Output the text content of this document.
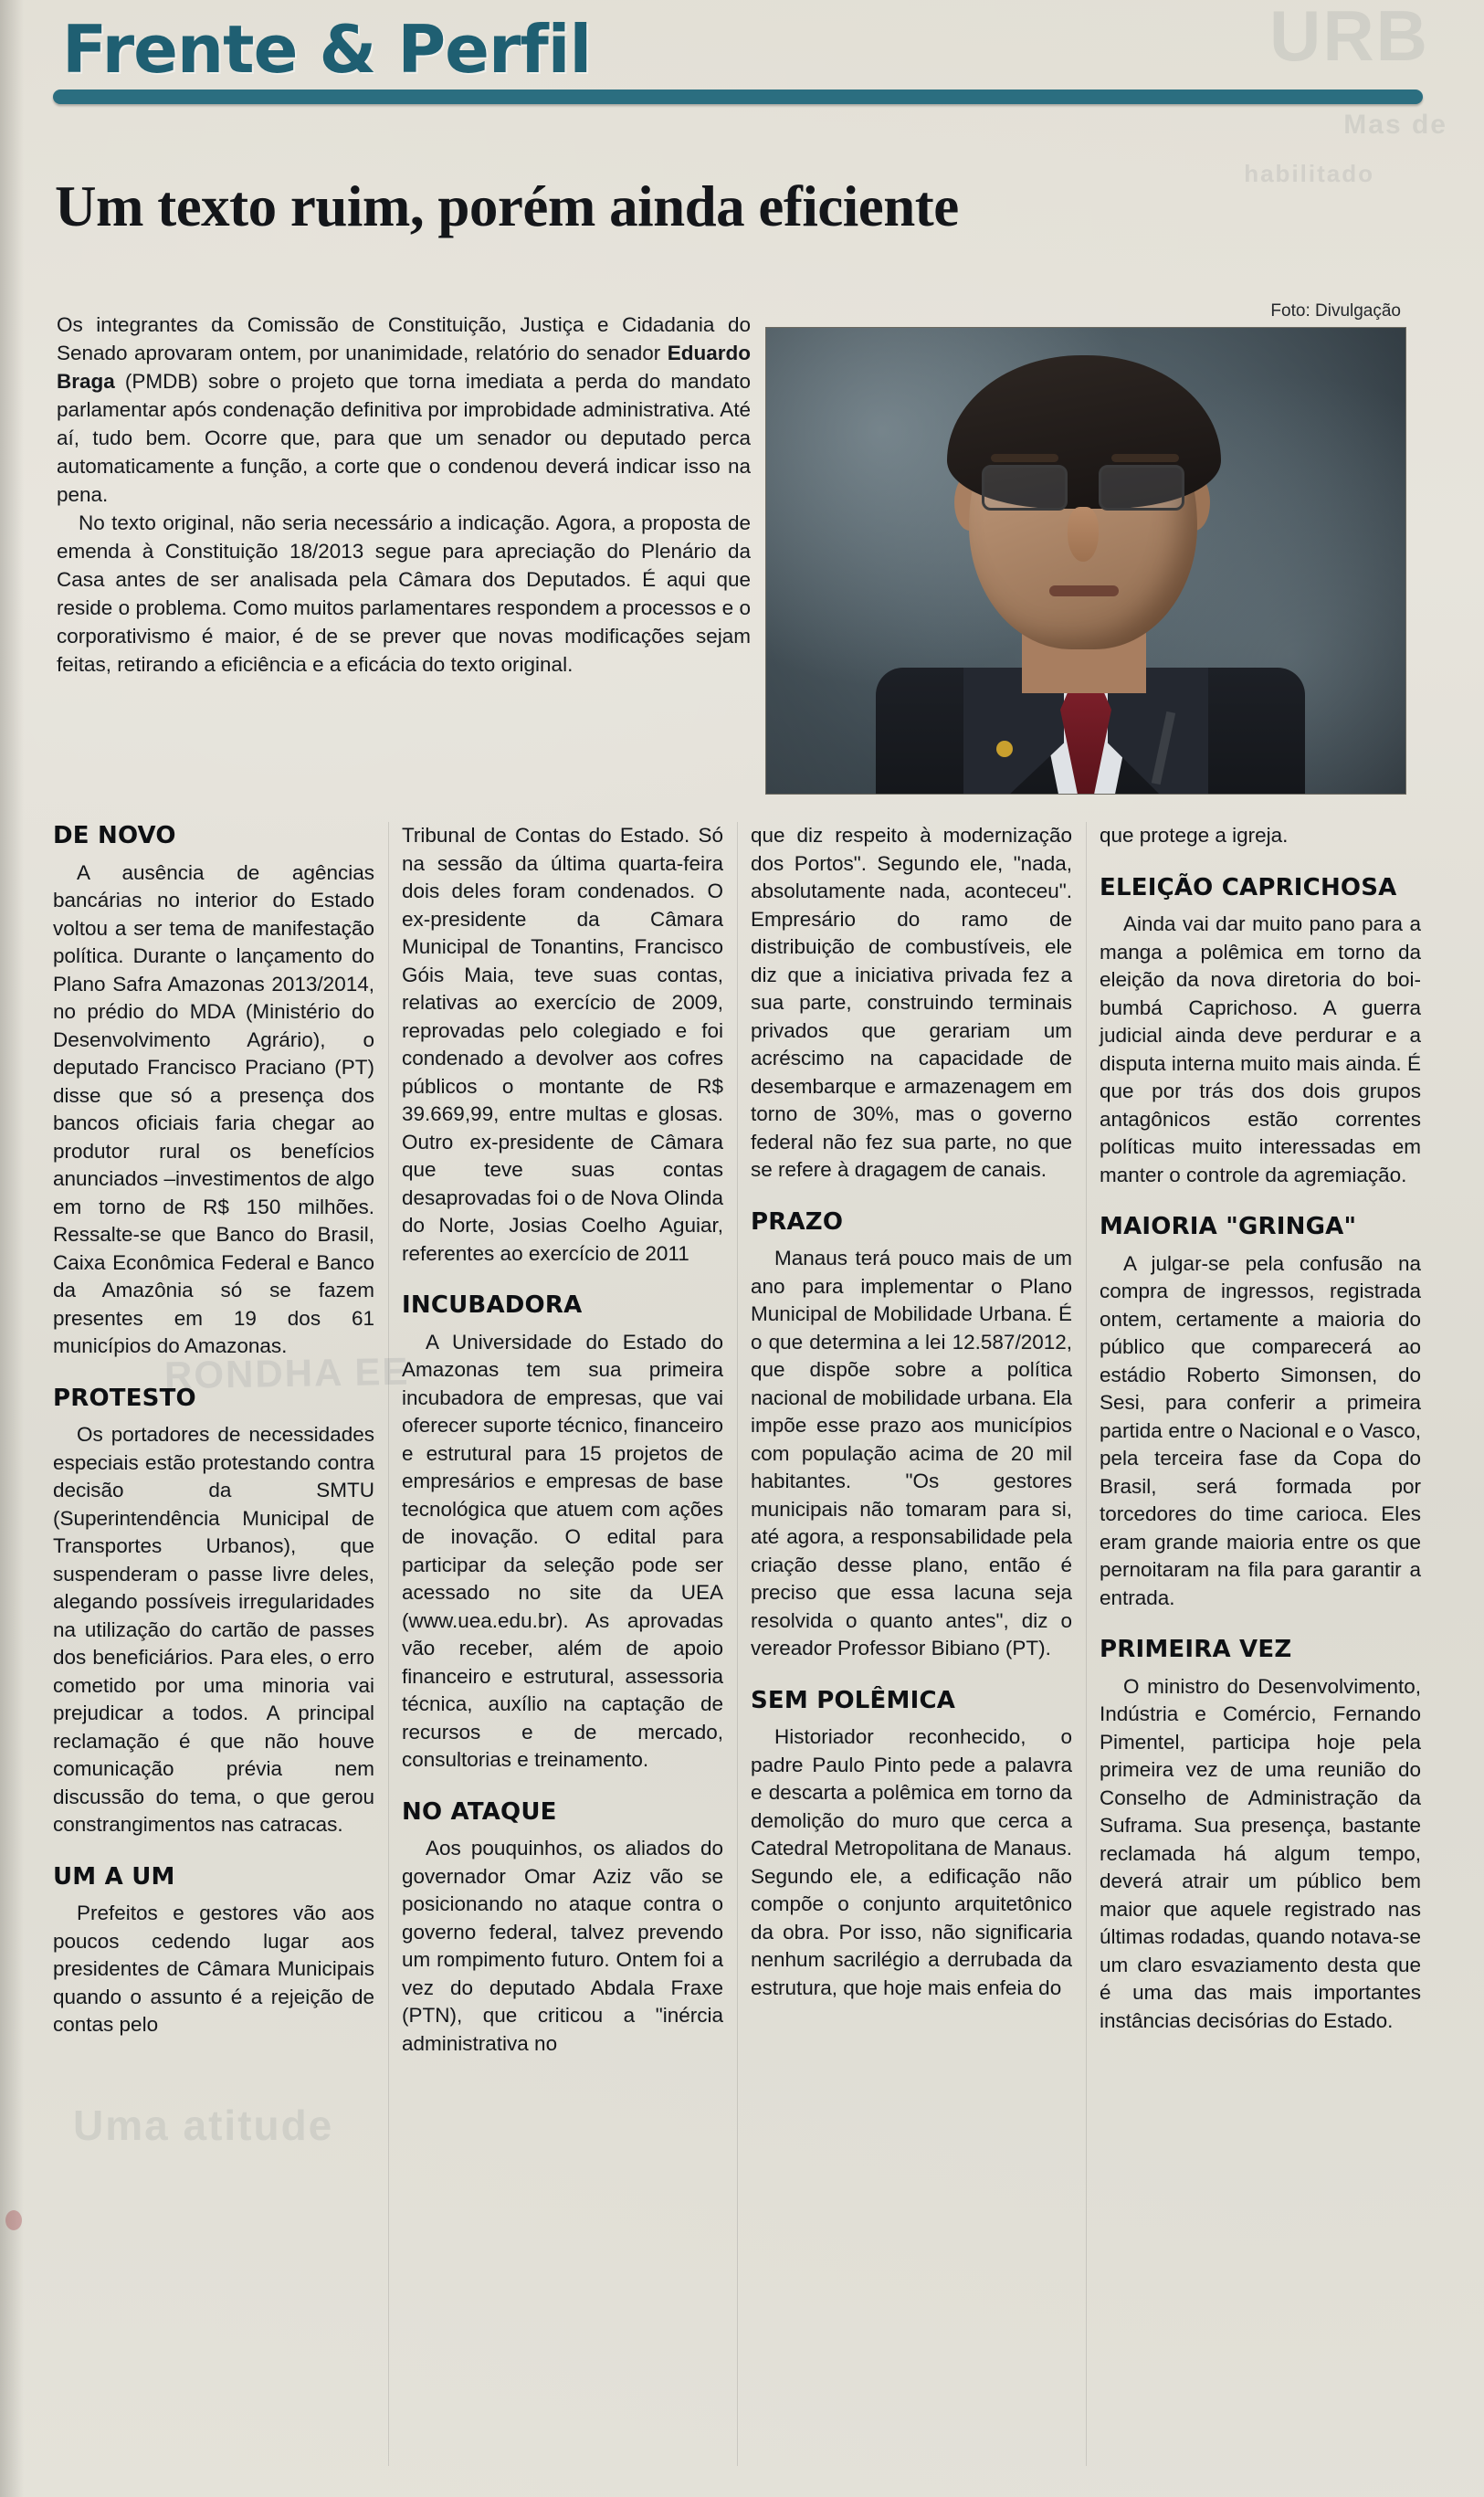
URB
Mas de
habilitado
RONDHA EE
Uma atitude
Frente & Perfil
Um texto ruim, porém ainda eficiente

Os integrantes da Comissão de Constituição, Justiça e Cidadania do Senado aprovaram ontem, por unanimidade, relatório do senador Eduardo Braga (PMDB) sobre o projeto que torna imediata a perda do mandato parlamentar após condenação definitiva por improbidade administrativa. Até aí, tudo bem. Ocorre que, para que um senador ou deputado perca automaticamente a função, a corte que o condenou deverá indicar isso na pena.

No texto original, não seria necessário a indicação. Agora, a proposta de emenda à Constituição 18/2013 segue para apreciação do Plenário da Casa antes de ser analisada pela Câmara dos Deputados. É aqui que reside o problema. Como muitos parlamentares respondem a processos e o corporativismo é maior, é de se prever que novas modificações sejam feitas, retirando a eficiência e a eficácia do texto original.

Foto: Divulgação
DE NOVO

A ausência de agências bancárias no interior do Estado voltou a ser tema de manifestação política. Durante o lançamento do Plano Safra Amazonas 2013/2014, no prédio do MDA (Ministério do Desenvolvimento Agrário), o deputado Francisco Praciano (PT) disse que só a presença dos bancos oficiais faria chegar ao produtor rural os benefícios anunciados –investimentos de algo em torno de R$ 150 milhões. Ressalte-se que Banco do Brasil, Caixa Econômica Federal e Banco da Amazônia só se fazem presentes em 19 dos 61 municípios do Amazonas.

PROTESTO

Os portadores de necessidades especiais estão protestando contra decisão da SMTU (Superintendência Municipal de Transportes Urbanos), que suspenderam o passe livre deles, alegando possíveis irregularidades na utilização do cartão de passes dos beneficiários. Para eles, o erro cometido por uma minoria vai prejudicar a todos. A principal reclamação é que não houve comunicação prévia nem discussão do tema, o que gerou constrangimentos nas catracas.

UM A UM

Prefeitos e gestores vão aos poucos cedendo lugar aos presidentes de Câmara Municipais quando o assunto é a rejeição de contas pelo

Tribunal de Contas do Estado. Só na sessão da última quarta-feira dois deles foram condenados. O ex-presidente da Câmara Municipal de Tonantins, Francisco Góis Maia, teve suas contas, relativas ao exercício de 2009, reprovadas pelo colegiado e foi condenado a devolver aos cofres públicos o montante de R$ 39.669,99, entre multas e glosas. Outro ex-presidente de Câmara que teve suas contas desaprovadas foi o de Nova Olinda do Norte, Josias Coelho Aguiar, referentes ao exercício de 2011

INCUBADORA

A Universidade do Estado do Amazonas tem sua primeira incubadora de empresas, que vai oferecer suporte técnico, financeiro e estrutural para 15 projetos de empresários e empresas de base tecnológica que atuem com ações de inovação. O edital para participar da seleção pode ser acessado no site da UEA (www.uea.edu.br). As aprovadas vão receber, além de apoio financeiro e estrutural, assessoria técnica, auxílio na captação de recursos e de mercado, consultorias e treinamento.

NO ATAQUE

Aos pouquinhos, os aliados do governador Omar Aziz vão se posicionando no ataque contra o governo federal, talvez prevendo um rompimento futuro. Ontem foi a vez do deputado Abdala Fraxe (PTN), que criticou a "inércia administrativa no

que diz respeito à modernização dos Portos". Segundo ele, "nada, absolutamente nada, aconteceu". Empresário do ramo de distribuição de combustíveis, ele diz que a iniciativa privada fez a sua parte, construindo terminais privados que gerariam um acréscimo na capacidade de desembarque e armazenagem em torno de 30%, mas o governo federal não fez sua parte, no que se refere à dragagem de canais.

PRAZO

Manaus terá pouco mais de um ano para implementar o Plano Municipal de Mobilidade Urbana. É o que determina a lei 12.587/2012, que dispõe sobre a política nacional de mobilidade urbana. Ela impõe esse prazo aos municípios com população acima de 20 mil habitantes. "Os gestores municipais não tomaram para si, até agora, a responsabilidade pela criação desse plano, então é preciso que essa lacuna seja resolvida o quanto antes", diz o vereador Professor Bibiano (PT).

SEM POLÊMICA

Historiador reconhecido, o padre Paulo Pinto pede a palavra e descarta a polêmica em torno da demolição do muro que cerca a Catedral Metropolitana de Manaus. Segundo ele, a edificação não compõe o conjunto arquitetônico da obra. Por isso, não significaria nenhum sacrilégio a derrubada da estrutura, que hoje mais enfeia do

que protege a igreja.

ELEIÇÃO CAPRICHOSA

Ainda vai dar muito pano para a manga a polêmica em torno da eleição da nova diretoria do boi-bumbá Caprichoso. A guerra judicial ainda deve perdurar e a disputa interna muito mais ainda. É que por trás dos dois grupos antagônicos estão correntes políticas muito interessadas em manter o controle da agremiação.

MAIORIA "GRINGA"

A julgar-se pela confusão na compra de ingressos, registrada ontem, certamente a maioria do público que comparecerá ao estádio Roberto Simonsen, do Sesi, para conferir a primeira partida entre o Nacional e o Vasco, pela terceira fase da Copa do Brasil, será formada por torcedores do time carioca. Eles eram grande maioria entre os que pernoitaram na fila para garantir a entrada.

PRIMEIRA VEZ

O ministro do Desenvolvimento, Indústria e Comércio, Fernando Pimentel, participa hoje pela primeira vez de uma reunião do Conselho de Administração da Suframa. Sua presença, bastante reclamada há algum tempo, deverá atrair um público bem maior que aquele registrado nas últimas rodadas, quando notava-se um claro esvaziamento desta que é uma das mais importantes instâncias decisórias do Estado.
